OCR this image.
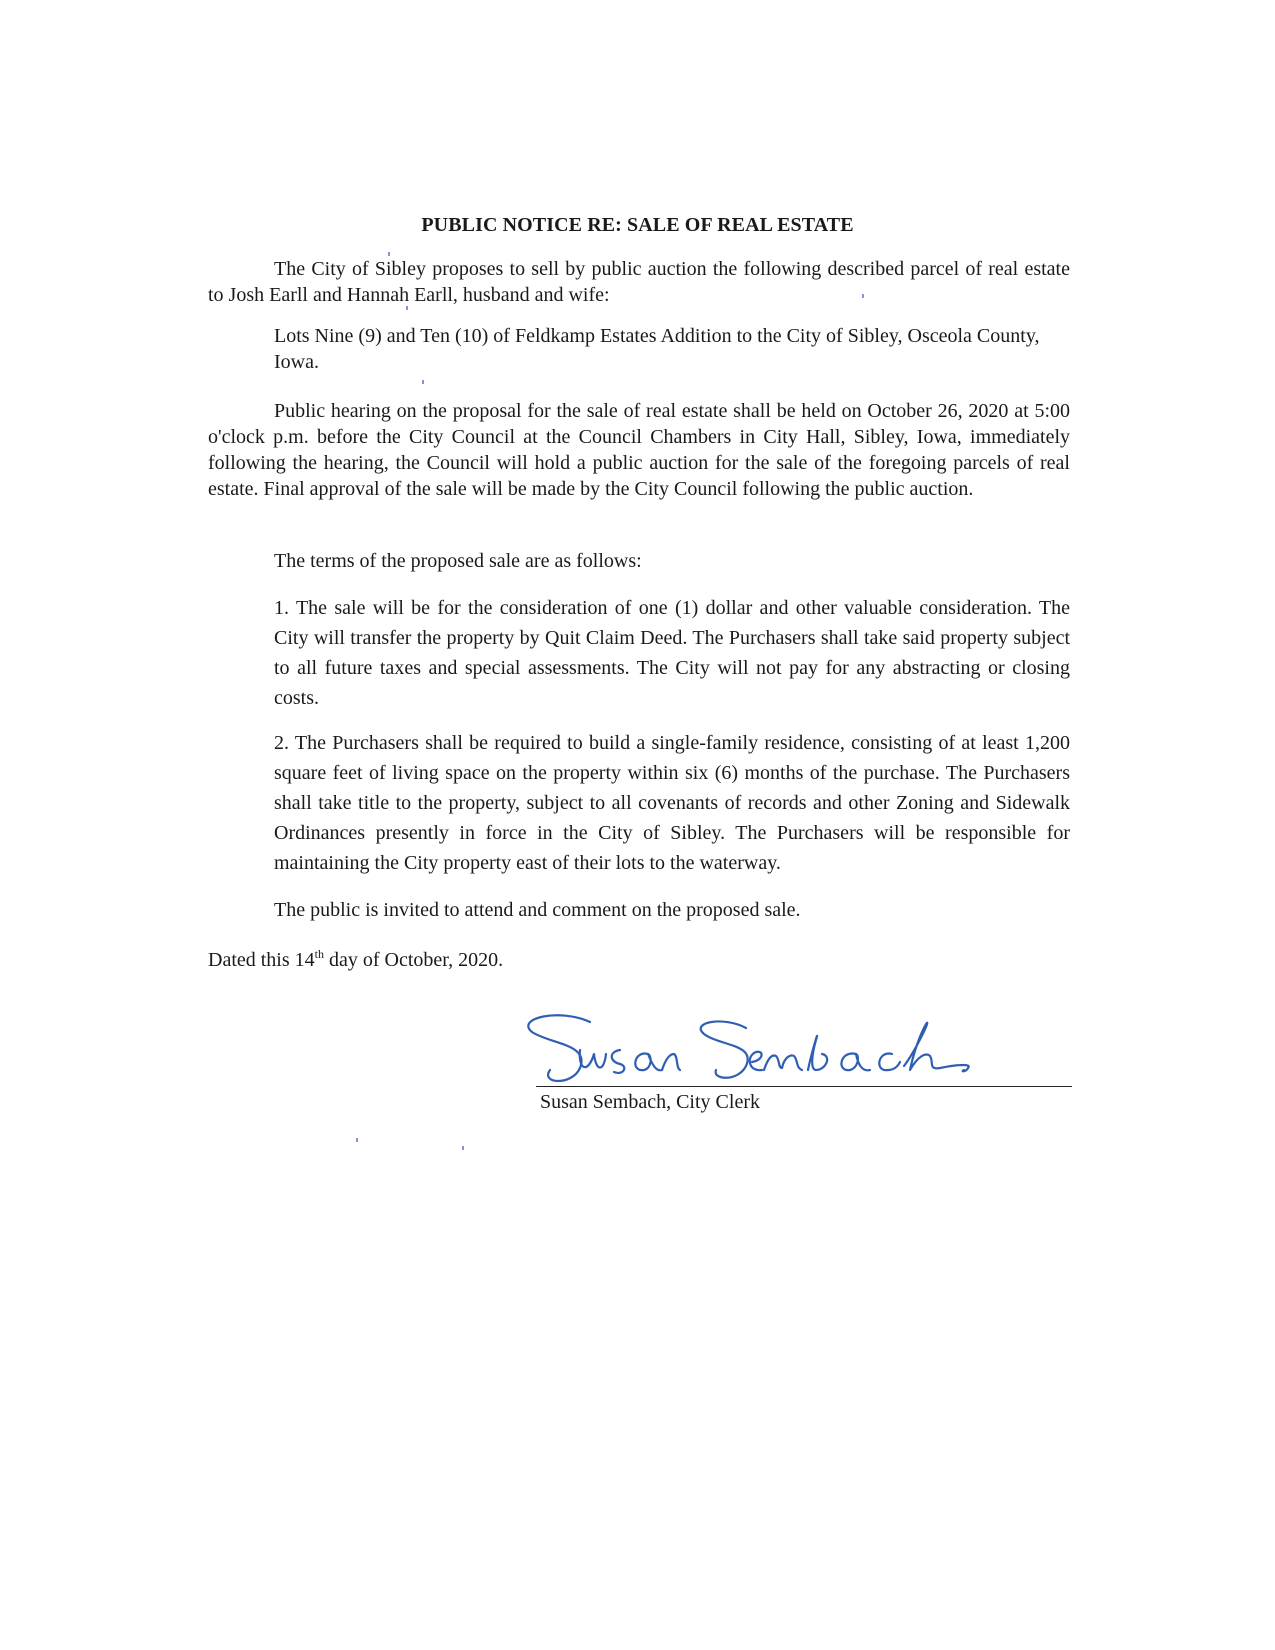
PUBLIC NOTICE RE: SALE OF REAL ESTATE

The City of Sibley proposes to sell by public auction the following described parcel of real estate to Josh Earll and Hannah Earll, husband and wife:

Lots Nine (9) and Ten (10) of Feldkamp Estates Addition to the City of Sibley, Osceola County, Iowa.

Public hearing on the proposal for the sale of real estate shall be held on October 26, 2020 at 5:00 o'clock p.m. before the City Council at the Council Chambers in City Hall, Sibley, Iowa, immediately following the hearing, the Council will hold a public auction for the sale of the foregoing parcels of real estate. Final approval of the sale will be made by the City Council following the public auction.

The terms of the proposed sale are as follows:

1. The sale will be for the consideration of one (1) dollar and other valuable consideration. The City will transfer the property by Quit Claim Deed. The Purchasers shall take said property subject to all future taxes and special assessments. The City will not pay for any abstracting or closing costs.

2. The Purchasers shall be required to build a single-family residence, consisting of at least 1,200 square feet of living space on the property within six (6) months of the purchase. The Purchasers shall take title to the property, subject to all covenants of records and other Zoning and Sidewalk Ordinances presently in force in the City of Sibley. The Purchasers will be responsible for maintaining the City property east of their lots to the waterway.

The public is invited to attend and comment on the proposed sale.

Dated this 14th day of October, 2020.

Susan Sembach, City Clerk
